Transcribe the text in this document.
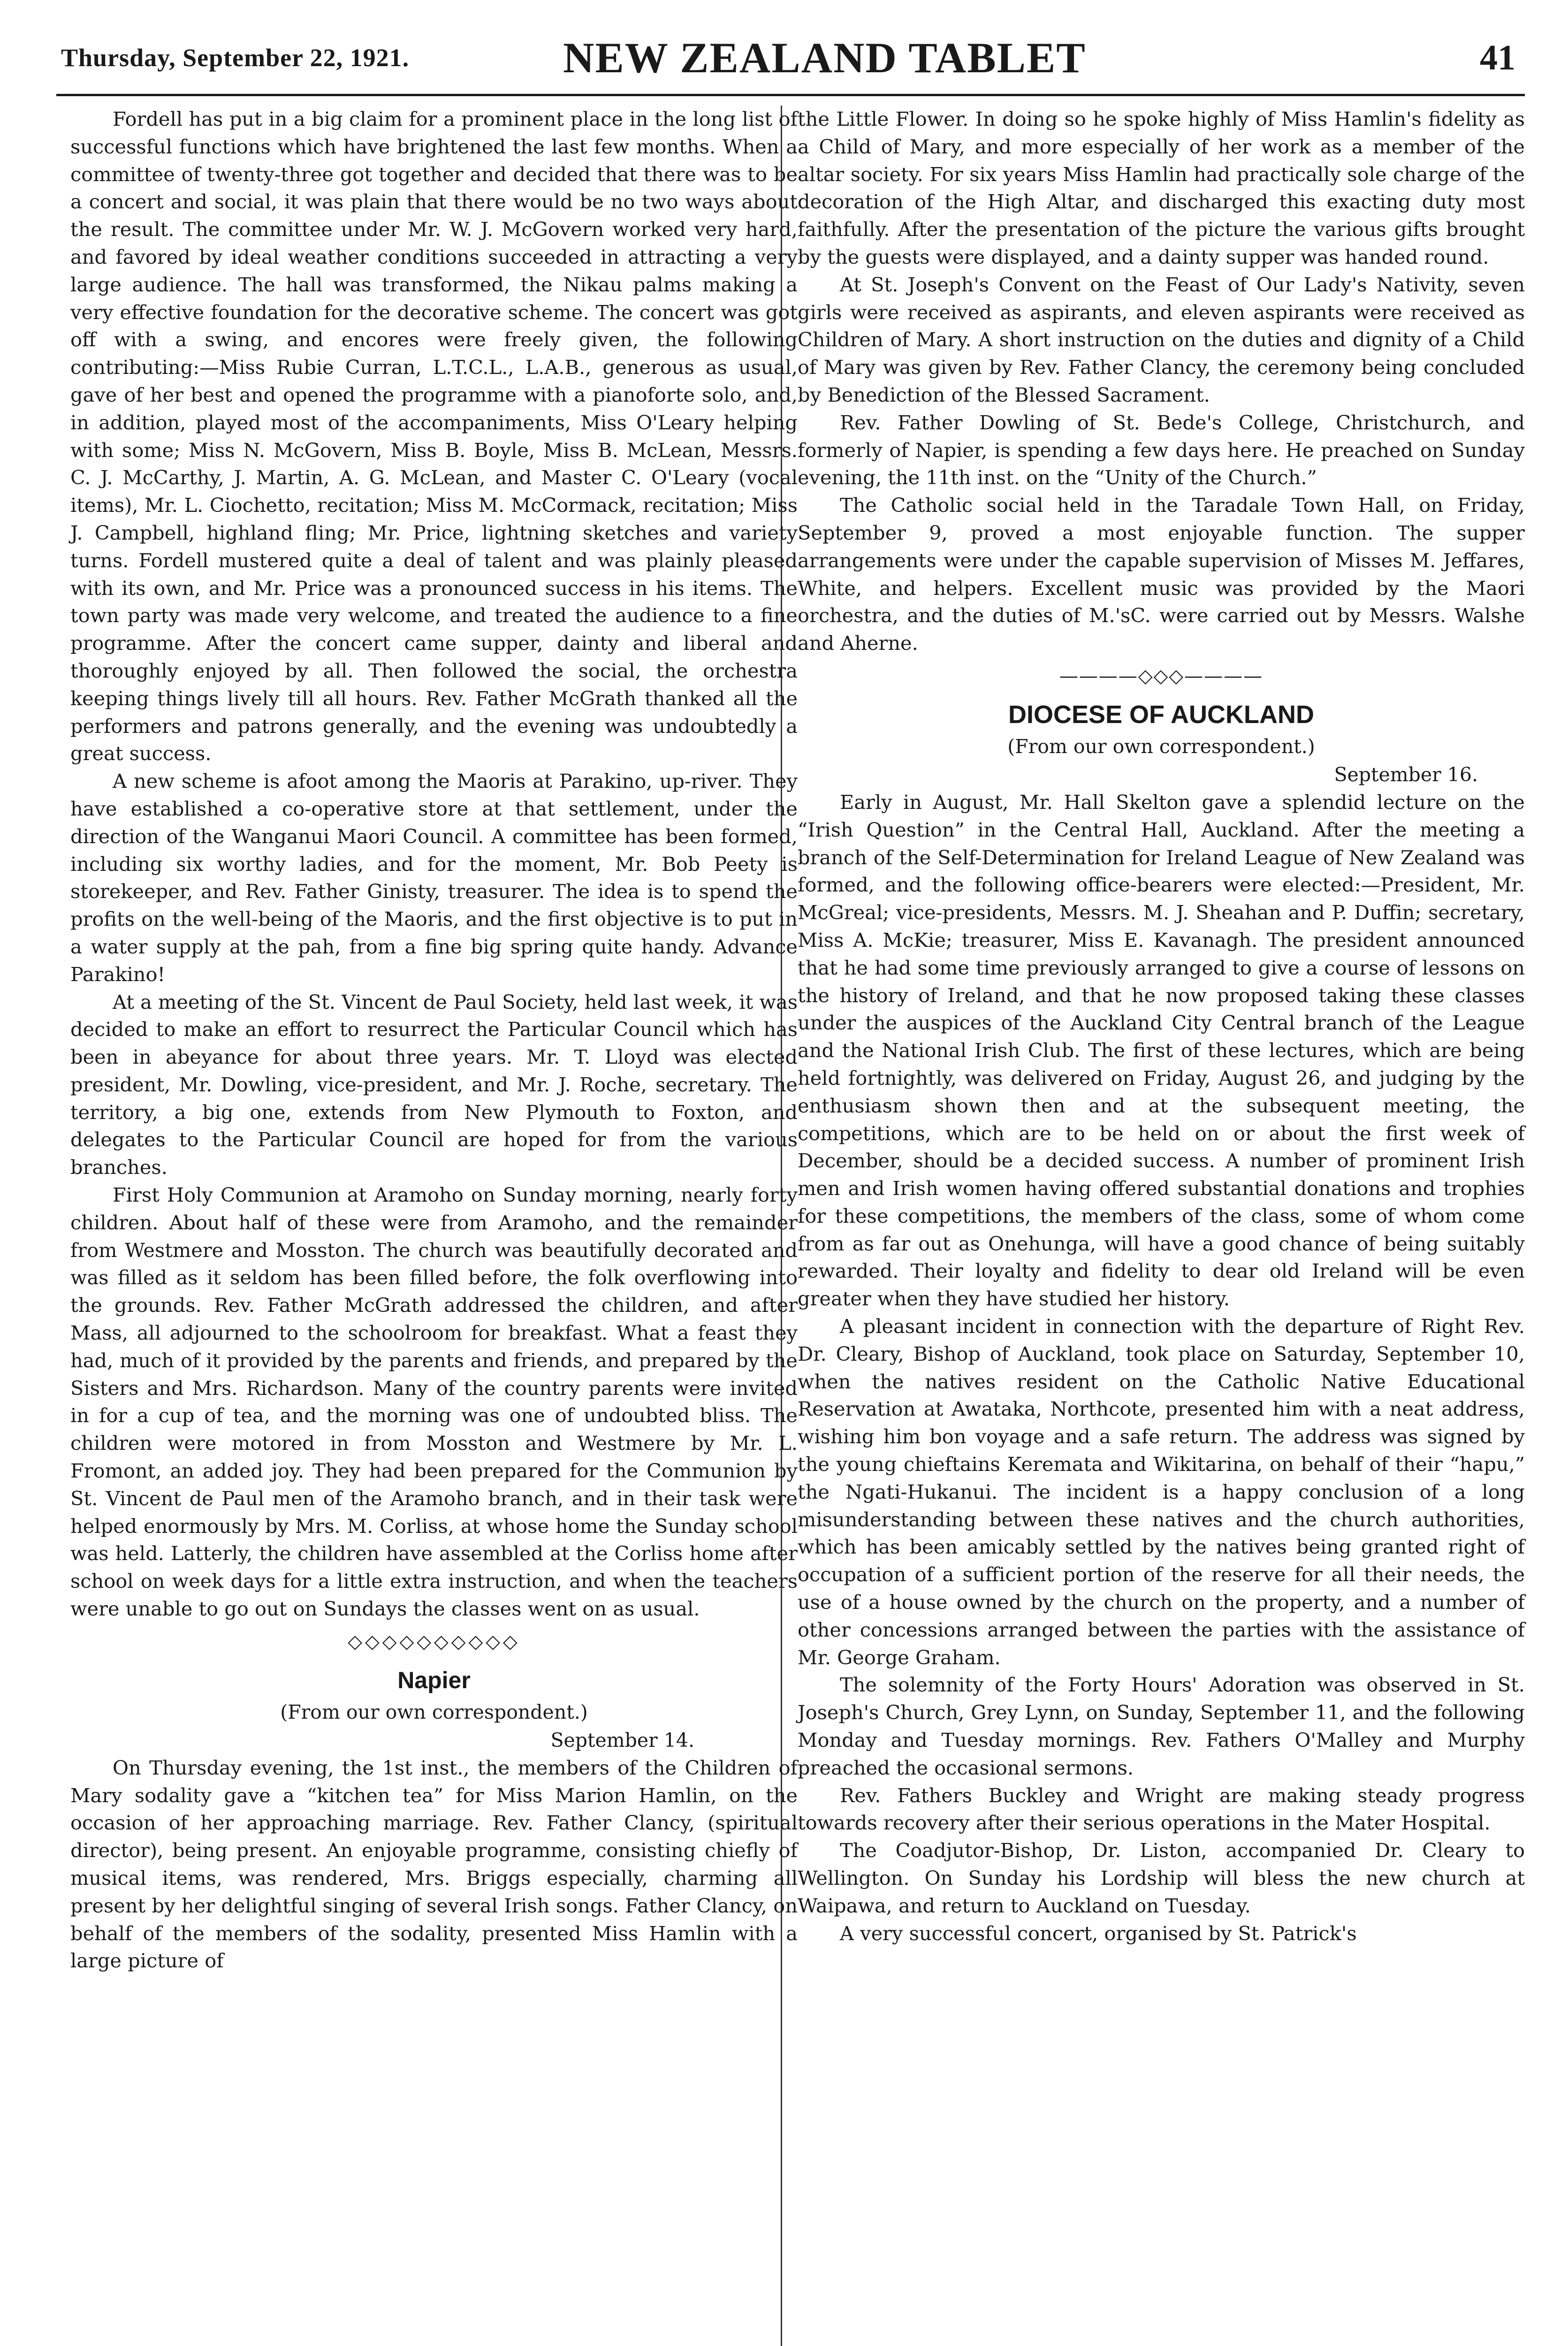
Thursday, September 22, 1921.	NEW ZEALAND TABLET	41

Fordell has put in a big claim for a prominent place in the long list of successful functions which have brightened the last few months. When a committee of twenty-three got together and decided that there was to be a concert and social, it was plain that there would be no two ways about the result. The committee under Mr. W. J. McGovern worked very hard, and favored by ideal weather conditions succeeded in attracting a very large audience. The hall was transformed, the Nikau palms making a very effective foundation for the decorative scheme. The concert was got off with a swing, and encores were freely given, the following contributing:—Miss Rubie Curran, L.T.C.L., L.A.B., generous as usual, gave of her best and opened the programme with a pianoforte solo, and, in addition, played most of the accompaniments, Miss O'Leary helping with some; Miss N. McGovern, Miss B. Boyle, Miss B. McLean, Messrs. C. J. McCarthy, J. Martin, A. G. McLean, and Master C. O'Leary (vocal items), Mr. L. Ciochetto, recitation; Miss M. McCormack, recitation; Miss J. Campbell, highland fling; Mr. Price, lightning sketches and variety turns. Fordell mustered quite a deal of talent and was plainly pleased with its own, and Mr. Price was a pronounced success in his items. The town party was made very welcome, and treated the audience to a fine programme. After the concert came supper, dainty and liberal and thoroughly enjoyed by all. Then followed the social, the orchestra keeping things lively till all hours. Rev. Father McGrath thanked all the performers and patrons generally, and the evening was undoubtedly a great success.

A new scheme is afoot among the Maoris at Parakino, up-river. They have established a co-operative store at that settlement, under the direction of the Wanganui Maori Council. A committee has been formed, including six worthy ladies, and for the moment, Mr. Bob Peety is storekeeper, and Rev. Father Ginisty, treasurer. The idea is to spend the profits on the well-being of the Maoris, and the first objective is to put in a water supply at the pah, from a fine big spring quite handy. Advance Parakino!

At a meeting of the St. Vincent de Paul Society, held last week, it was decided to make an effort to resurrect the Particular Council which has been in abeyance for about three years. Mr. T. Lloyd was elected president, Mr. Dowling, vice-president, and Mr. J. Roche, secretary. The territory, a big one, extends from New Plymouth to Foxton, and delegates to the Particular Council are hoped for from the various branches.

First Holy Communion at Aramoho on Sunday morning, nearly forty children. About half of these were from Aramoho, and the remainder from Westmere and Mosston. The church was beautifully decorated and was filled as it seldom has been filled before, the folk overflowing into the grounds. Rev. Father McGrath addressed the children, and after Mass, all adjourned to the schoolroom for breakfast. What a feast they had, much of it provided by the parents and friends, and prepared by the Sisters and Mrs. Richardson. Many of the country parents were invited in for a cup of tea, and the morning was one of undoubted bliss. The children were motored in from Mosston and Westmere by Mr. L. Fromont, an added joy. They had been prepared for the Communion by St. Vincent de Paul men of the Aramoho branch, and in their task were helped enormously by Mrs. M. Corliss, at whose home the Sunday school was held. Latterly, the children have assembled at the Corliss home after school on week days for a little extra instruction, and when the teachers were unable to go out on Sundays the classes went on as usual.

◇◇◇◇◇◇◇◇◇◇
Napier
(From our own correspondent.)
September 14.

On Thursday evening, the 1st inst., the members of the Children of Mary sodality gave a “kitchen tea” for Miss Marion Hamlin, on the occasion of her approaching marriage. Rev. Father Clancy, (spiritual director), being present. An enjoyable programme, consisting chiefly of musical items, was rendered, Mrs. Briggs especially, charming all present by her delightful singing of several Irish songs. Father Clancy, on behalf of the members of the sodality, presented Miss Hamlin with a large picture of

the Little Flower. In doing so he spoke highly of Miss Hamlin's fidelity as a Child of Mary, and more especially of her work as a member of the altar society. For six years Miss Hamlin had practically sole charge of the decoration of the High Altar, and discharged this exacting duty most faithfully. After the presentation of the picture the various gifts brought by the guests were displayed, and a dainty supper was handed round.

At St. Joseph's Convent on the Feast of Our Lady's Nativity, seven girls were received as aspirants, and eleven aspirants were received as Children of Mary. A short instruction on the duties and dignity of a Child of Mary was given by Rev. Father Clancy, the ceremony being concluded by Benediction of the Blessed Sacrament.

Rev. Father Dowling of St. Bede's College, Christchurch, and formerly of Napier, is spending a few days here. He preached on Sunday evening, the 11th inst. on the “Unity of the Church.”

The Catholic social held in the Taradale Town Hall, on Friday, September 9, proved a most enjoyable function. The supper arrangements were under the capable supervision of Misses M. Jeffares, White, and helpers. Excellent music was provided by the Maori orchestra, and the duties of M.'sC. were carried out by Messrs. Walshe and Aherne.

————◇◇◇————
DIOCESE OF AUCKLAND
(From our own correspondent.)
September 16.

Early in August, Mr. Hall Skelton gave a splendid lecture on the “Irish Question” in the Central Hall, Auckland. After the meeting a branch of the Self-Determination for Ireland League of New Zealand was formed, and the following office-bearers were elected:—President, Mr. McGreal; vice-presidents, Messrs. M. J. Sheahan and P. Duffin; secretary, Miss A. McKie; treasurer, Miss E. Kavanagh. The president announced that he had some time previously arranged to give a course of lessons on the history of Ireland, and that he now proposed taking these classes under the auspices of the Auckland City Central branch of the League and the National Irish Club. The first of these lectures, which are being held fortnightly, was delivered on Friday, August 26, and judging by the enthusiasm shown then and at the subsequent meeting, the competitions, which are to be held on or about the first week of December, should be a decided success. A number of prominent Irish men and Irish women having offered substantial donations and trophies for these competitions, the members of the class, some of whom come from as far out as Onehunga, will have a good chance of being suitably rewarded. Their loyalty and fidelity to dear old Ireland will be even greater when they have studied her history.

A pleasant incident in connection with the departure of Right Rev. Dr. Cleary, Bishop of Auckland, took place on Saturday, September 10, when the natives resident on the Catholic Native Educational Reservation at Awataka, Northcote, presented him with a neat address, wishing him bon voyage and a safe return. The address was signed by the young chieftains Keremata and Wikitarina, on behalf of their “hapu,” the Ngati-Hukanui. The incident is a happy conclusion of a long misunderstanding between these natives and the church authorities, which has been amicably settled by the natives being granted right of occupation of a sufficient portion of the reserve for all their needs, the use of a house owned by the church on the property, and a number of other concessions arranged between the parties with the assistance of Mr. George Graham.

The solemnity of the Forty Hours' Adoration was observed in St. Joseph's Church, Grey Lynn, on Sunday, September 11, and the following Monday and Tuesday mornings. Rev. Fathers O'Malley and Murphy preached the occasional sermons.

Rev. Fathers Buckley and Wright are making steady progress towards recovery after their serious operations in the Mater Hospital.

The Coadjutor-Bishop, Dr. Liston, accompanied Dr. Cleary to Wellington. On Sunday his Lordship will bless the new church at Waipawa, and return to Auckland on Tuesday.

A very successful concert, organised by St. Patrick's
